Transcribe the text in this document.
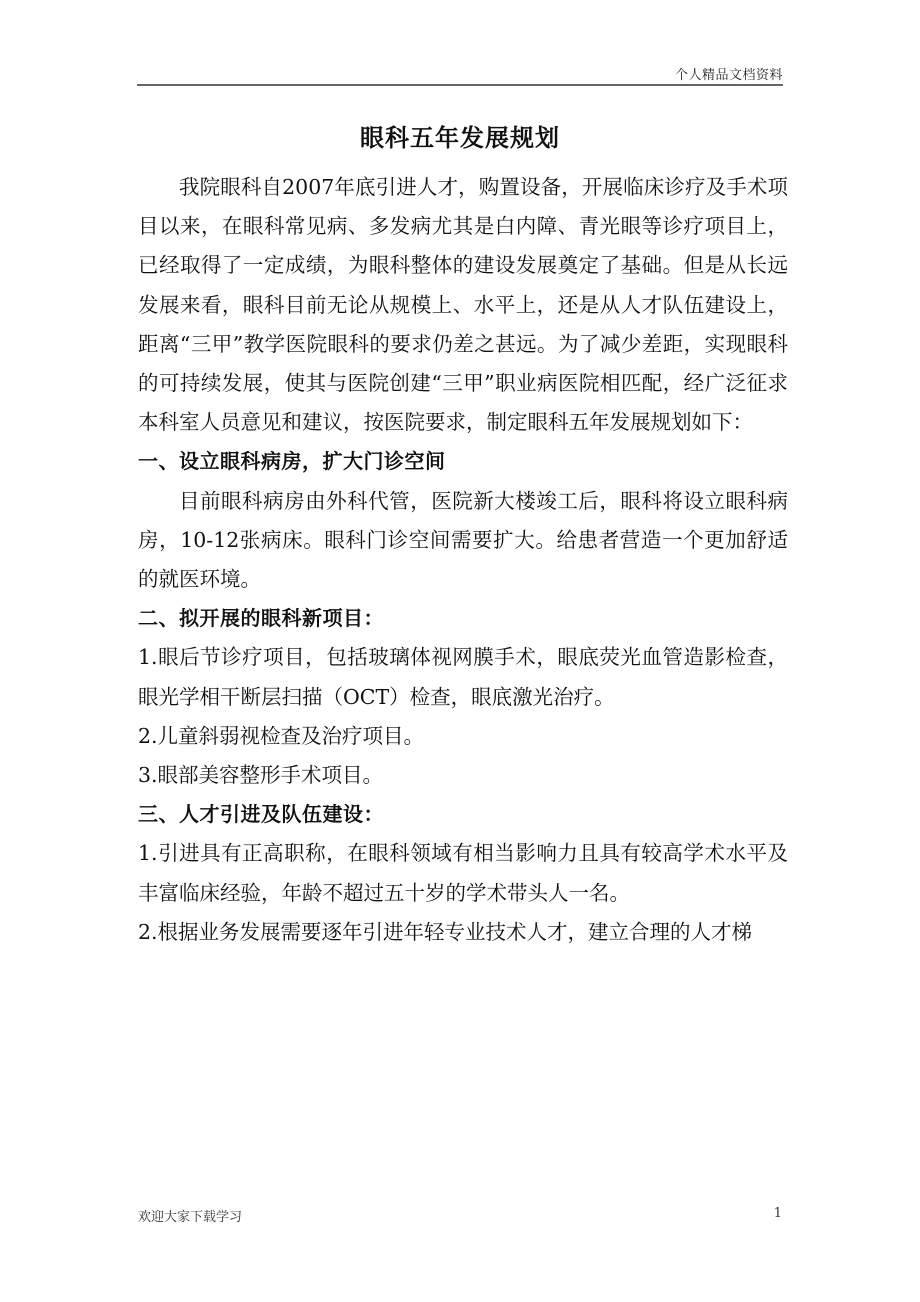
个人精品文档资料
眼科五年发展规划

我院眼科自2007年底引进人才，购置设备，开展临床诊疗及手术项目以来，在眼科常见病、多发病尤其是白内障、青光眼等诊疗项目上，已经取得了一定成绩，为眼科整体的建设发展奠定了基础。但是从长远发展来看，眼科目前无论从规模上、水平上，还是从人才队伍建设上，距离“三甲”教学医院眼科的要求仍差之甚远。为了减少差距，实现眼科的可持续发展，使其与医院创建“三甲”职业病医院相匹配，经广泛征求本科室人员意见和建议，按医院要求，制定眼科五年发展规划如下：

一、设立眼科病房，扩大门诊空间

目前眼科病房由外科代管，医院新大楼竣工后，眼科将设立眼科病房，10-12张病床。眼科门诊空间需要扩大。给患者营造一个更加舒适的就医环境。

二、拟开展的眼科新项目：

1.眼后节诊疗项目，包括玻璃体视网膜手术，眼底荧光血管造影检查，眼光学相干断层扫描（OCT）检查，眼底激光治疗。

2.儿童斜弱视检查及治疗项目。

3.眼部美容整形手术项目。

三、人才引进及队伍建设：

1.引进具有正高职称，在眼科领域有相当影响力且具有较高学术水平及丰富临床经验，年龄不超过五十岁的学术带头人一名。

2.根据业务发展需要逐年引进年轻专业技术人才，建立合理的人才梯

欢迎大家下载学习	1
